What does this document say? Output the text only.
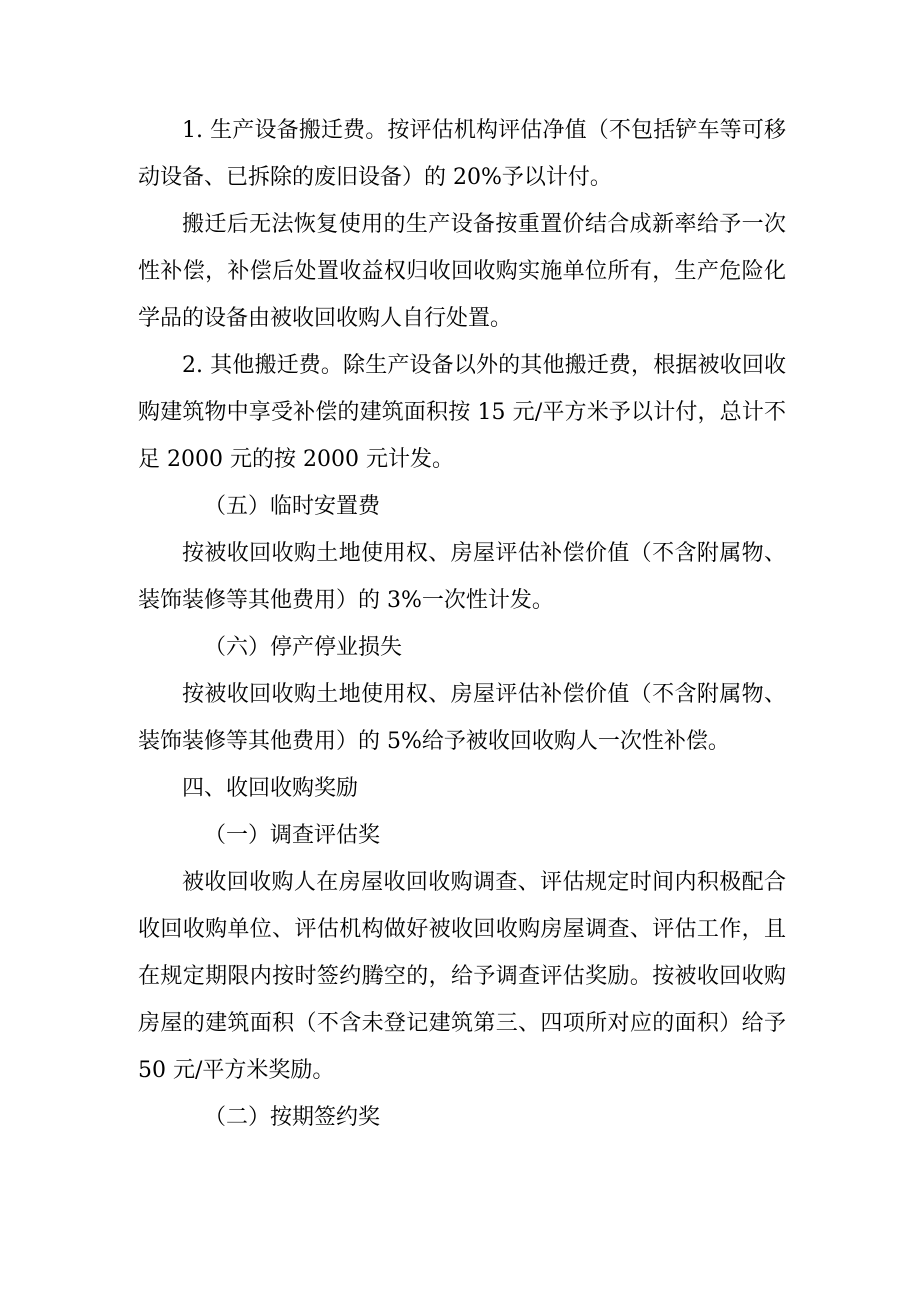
1. 生产设备搬迁费。按评估机构评估净值（不包括铲车等可移动设备、已拆除的废旧设备）的 20%予以计付。

搬迁后无法恢复使用的生产设备按重置价结合成新率给予一次性补偿，补偿后处置收益权归收回收购实施单位所有，生产危险化学品的设备由被收回收购人自行处置。

2. 其他搬迁费。除生产设备以外的其他搬迁费，根据被收回收购建筑物中享受补偿的建筑面积按 15 元/平方米予以计付，总计不足 2000 元的按 2000 元计发。

（五）临时安置费

按被收回收购土地使用权、房屋评估补偿价值（不含附属物、装饰装修等其他费用）的 3%一次性计发。

（六）停产停业损失

按被收回收购土地使用权、房屋评估补偿价值（不含附属物、装饰装修等其他费用）的 5%给予被收回收购人一次性补偿。

四、收回收购奖励

（一）调查评估奖

被收回收购人在房屋收回收购调查、评估规定时间内积极配合收回收购单位、评估机构做好被收回收购房屋调查、评估工作，且在规定期限内按时签约腾空的，给予调查评估奖励。按被收回收购房屋的建筑面积（不含未登记建筑第三、四项所对应的面积）给予 50 元/平方米奖励。

（二）按期签约奖
